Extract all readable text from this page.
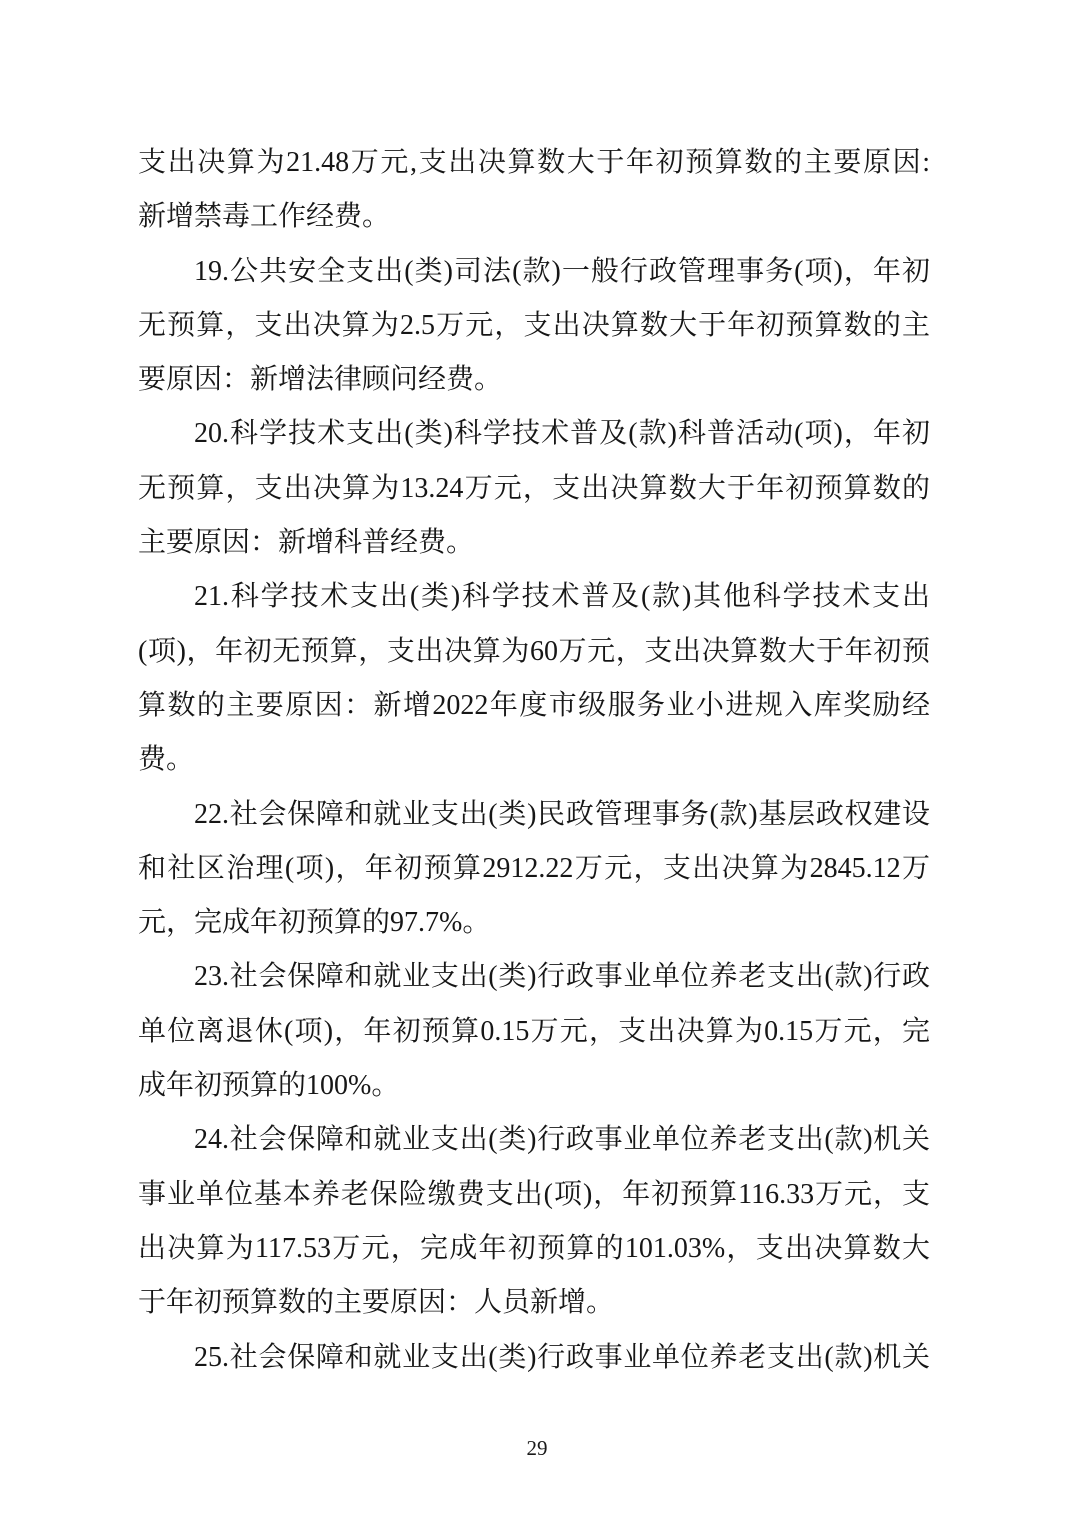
支出决算为21.48万元,支出决算数大于年初预算数的主要原因:

新增禁毒工作经费。

19.公共安全支出(类)司法(款)一般行政管理事务(项)，年初

无预算，支出决算为2.5万元，支出决算数大于年初预算数的主

要原因：新增法律顾问经费。

20.科学技术支出(类)科学技术普及(款)科普活动(项)，年初

无预算，支出决算为13.24万元，支出决算数大于年初预算数的

主要原因：新增科普经费。

21.科学技术支出(类)科学技术普及(款)其他科学技术支出

(项)，年初无预算，支出决算为60万元，支出决算数大于年初预

算数的主要原因：新增2022年度市级服务业小进规入库奖励经

费。

22.社会保障和就业支出(类)民政管理事务(款)基层政权建设

和社区治理(项)，年初预算2912.22万元，支出决算为2845.12万

元，完成年初预算的97.7%。

23.社会保障和就业支出(类)行政事业单位养老支出(款)行政

单位离退休(项)，年初预算0.15万元，支出决算为0.15万元，完

成年初预算的100%。

24.社会保障和就业支出(类)行政事业单位养老支出(款)机关

事业单位基本养老保险缴费支出(项)，年初预算116.33万元，支

出决算为117.53万元，完成年初预算的101.03%，支出决算数大

于年初预算数的主要原因：人员新增。

25.社会保障和就业支出(类)行政事业单位养老支出(款)机关

29
